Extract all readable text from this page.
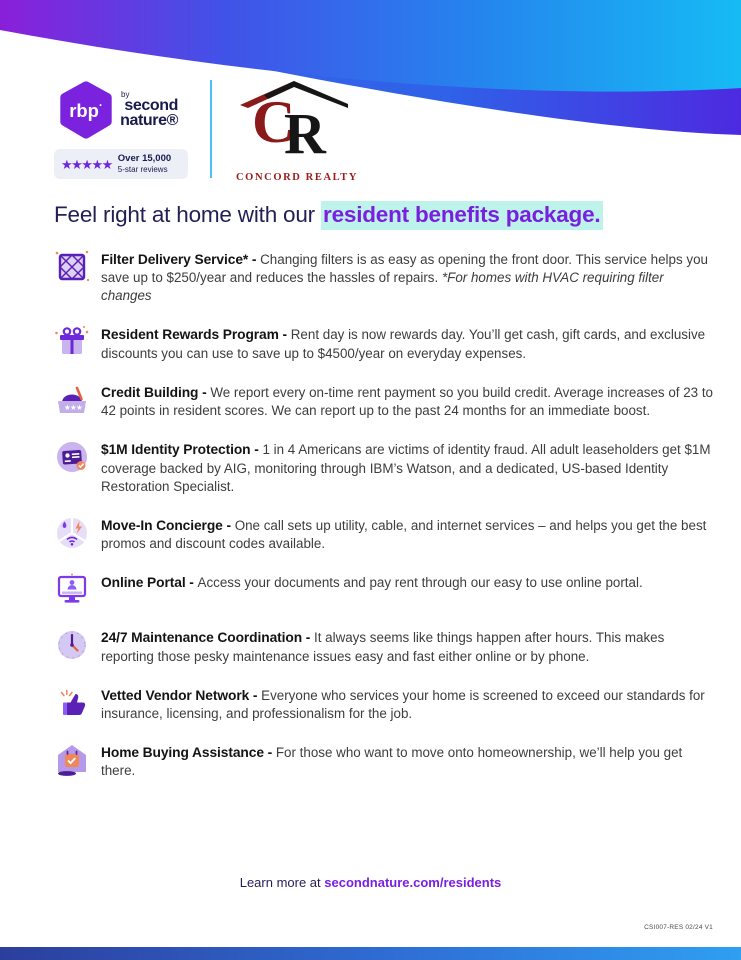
rbp
by
second
nature®
★★★★★ Over 15,000
5-star reviews
C
R
CONCORD REALTY
Feel right at home with our resident benefits package.

Filter Delivery Service* - Changing filters is as easy as opening the front door. This service helps you save up to $250/year and reduces the hassles of repairs. *For homes with HVAC requiring filter changes

Resident Rewards Program - Rent day is now rewards day. You’ll get cash, gift cards, and exclusive discounts you can use to save up to $4500/year on everyday expenses.

★ ★ ★

Credit Building - We report every on-time rent payment so you build credit. Average increases of 23 to 42 points in resident scores. We can report up to the past 24 months for an immediate boost.

$1M Identity Protection - 1 in 4 Americans are victims of identity fraud. All adult leaseholders get $1M coverage backed by AIG, monitoring through IBM’s Watson, and a dedicated, US-based Identity Restoration Specialist.

Move-In Concierge - One call sets up utility, cable, and internet services – and helps you get the best promos and discount codes available.

Online Portal - Access your documents and pay rent through our easy to use online portal.

24/7 Maintenance Coordination - It always seems like things happen after hours. This makes reporting those pesky maintenance issues easy and fast either online or by phone.

Vetted Vendor Network - Everyone who services your home is screened to exceed our standards for insurance, licensing, and professionalism for the job.

Home Buying Assistance - For those who want to move onto homeownership, we’ll help you get there.

Learn more at secondnature.com/residents
CSI007-RES 02/24 V1
